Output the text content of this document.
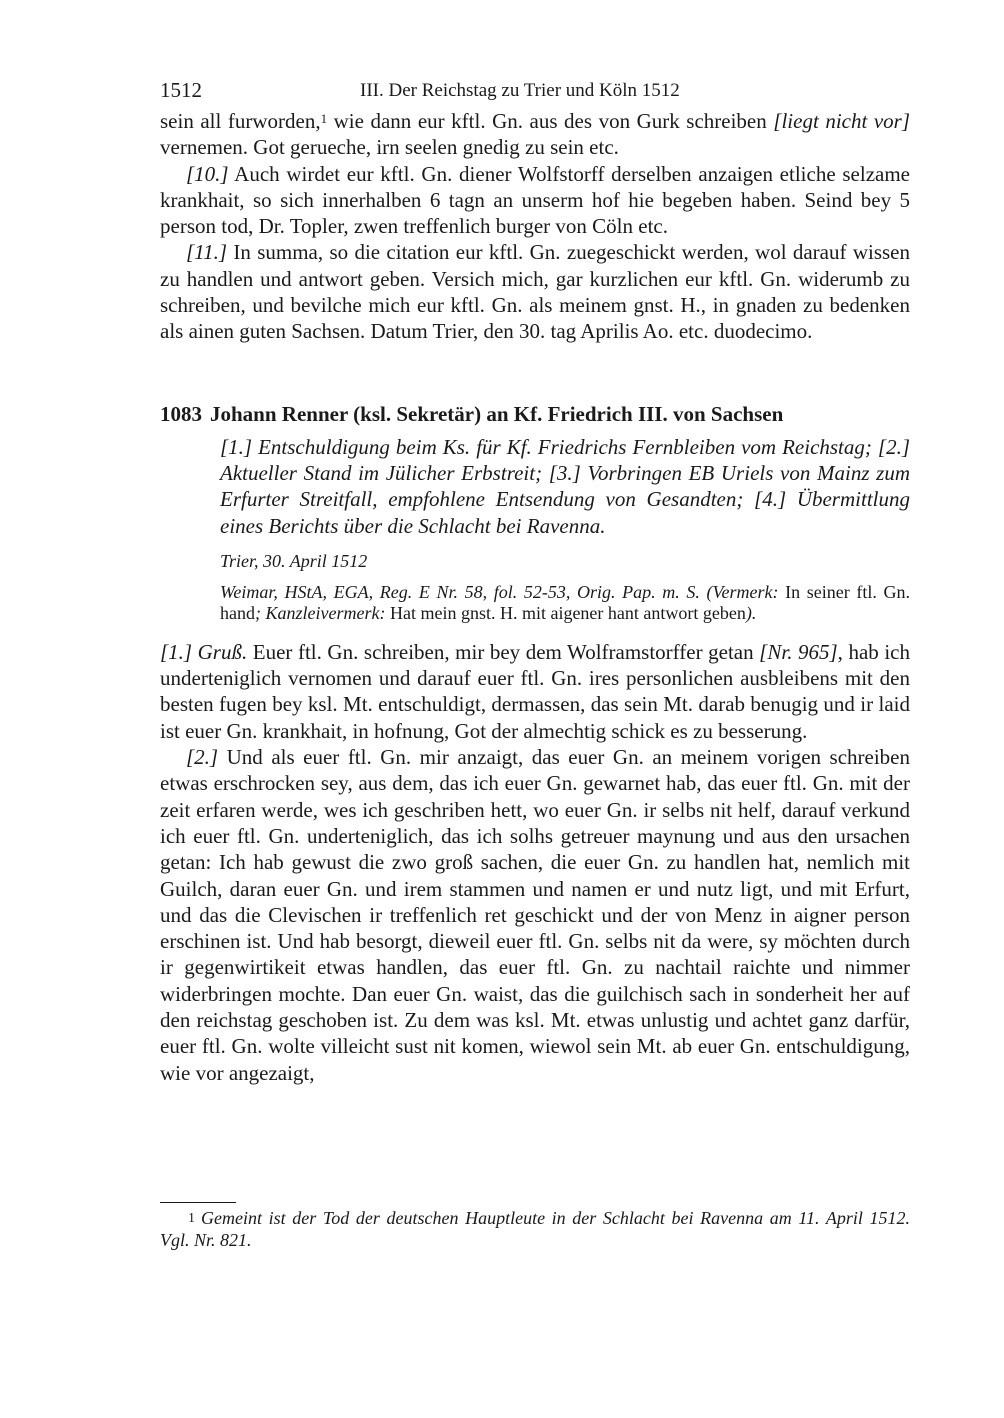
1512	III. Der Reichstag zu Trier und Köln 1512

sein all furworden,$^1$ wie dann eur kftl. Gn. aus des von Gurk schreiben [liegt nicht vor] vernemen. Got gerueche, irn seelen gnedig zu sein etc.

[10.] Auch wirdet eur kftl. Gn. diener Wolfstorff derselben anzaigen etliche selzame krankhait, so sich innerhalben 6 tagn an unserm hof hie begeben haben. Seind bey 5 person tod, Dr. Topler, zwen treffenlich burger von Cöln etc.

[11.] In summa, so die citation eur kftl. Gn. zuegeschickt werden, wol darauf wissen zu handlen und antwort geben. Versich mich, gar kurzlichen eur kftl. Gn. widerumb zu schreiben, und bevilche mich eur kftl. Gn. als meinem gnst. H., in gnaden zu bedenken als ainen guten Sachsen. Datum Trier, den 30. tag Aprilis Ao. etc. duodecimo.

1083 Johann Renner (ksl. Sekretär) an Kf. Friedrich III. von Sachsen
[1.] Entschuldigung beim Ks. für Kf. Friedrichs Fernbleiben vom Reichstag; [2.] Aktueller Stand im Jülicher Erbstreit; [3.] Vorbringen EB Uriels von Mainz zum Erfurter Streitfall, empfohlene Entsendung von Gesandten; [4.] Übermittlung eines Berichts über die Schlacht bei Ravenna.
Trier, 30. April 1512
Weimar, HStA, EGA, Reg. E Nr. 58, fol. 52-53, Orig. Pap. m. S. (Vermerk: In seiner ftl. Gn. hand; Kanzleivermerk: Hat mein gnst. H. mit aigener hant antwort geben).

[1.] Gruß. Euer ftl. Gn. schreiben, mir bey dem Wolframstorffer getan [Nr. 965], hab ich underteniglich vernomen und darauf euer ftl. Gn. ires personlichen ausbleibens mit den besten fugen bey ksl. Mt. entschuldigt, dermassen, das sein Mt. darab benugig und ir laid ist euer Gn. krankhait, in hofnung, Got der almechtig schick es zu besserung.

[2.] Und als euer ftl. Gn. mir anzaigt, das euer Gn. an meinem vorigen schreiben etwas erschrocken sey, aus dem, das ich euer Gn. gewarnet hab, das euer ftl. Gn. mit der zeit erfaren werde, wes ich geschriben hett, wo euer Gn. ir selbs nit helf, darauf verkund ich euer ftl. Gn. underteniglich, das ich solhs getreuer maynung und aus den ursachen getan: Ich hab gewust die zwo groß sachen, die euer Gn. zu handlen hat, nemlich mit Guilch, daran euer Gn. und irem stammen und namen er und nutz ligt, und mit Erfurt, und das die Clevischen ir treffenlich ret geschickt und der von Menz in aigner person erschinen ist. Und hab besorgt, dieweil euer ftl. Gn. selbs nit da were, sy möchten durch ir gegenwirtikeit etwas handlen, das euer ftl. Gn. zu nachtail raichte und nimmer widerbringen mochte. Dan euer Gn. waist, das die guilchisch sach in sonderheit her auf den reichstag geschoben ist. Zu dem was ksl. Mt. etwas unlustig und achtet ganz darfür, euer ftl. Gn. wolte villeicht sust nit komen, wiewol sein Mt. ab euer Gn. entschuldigung, wie vor angezaigt,

$^1$ Gemeint ist der Tod der deutschen Hauptleute in der Schlacht bei Ravenna am 11. April 1512. Vgl. Nr. 821.
